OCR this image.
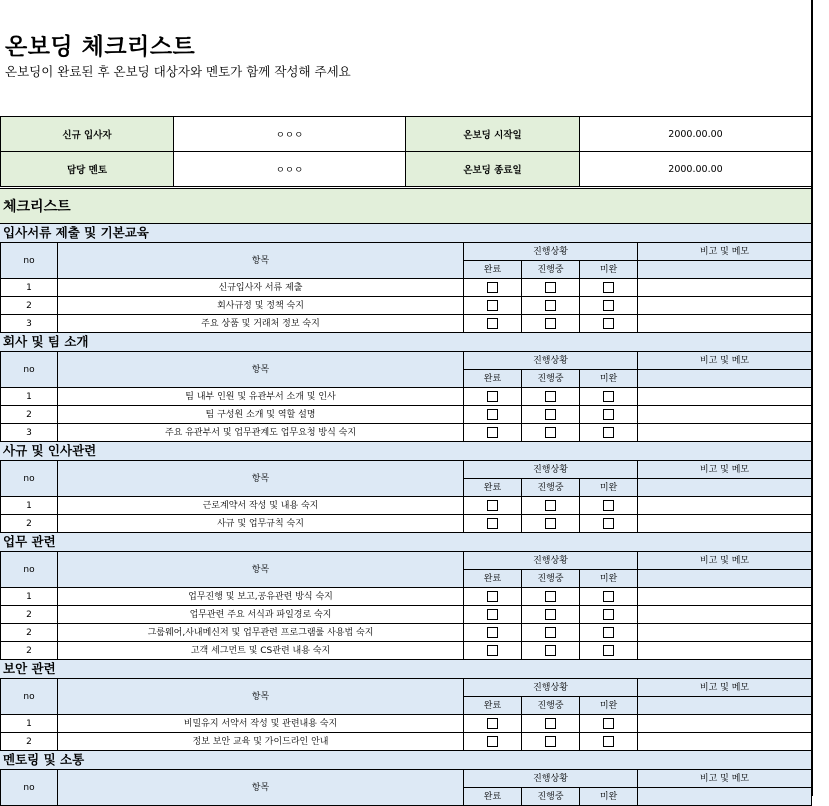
온보딩 체크리스트
온보딩이 완료된 후 온보딩 대상자와 멘토가 함께 작성해 주세요
신규 입사자	ㅇㅇㅇ	온보딩 시작일	2000.00.00
담당 멘토	ㅇㅇㅇ	온보딩 종료일	2000.00.00
체크리스트
입사서류 제출 및 기본교육
no	항목	진행상황			비고 및 메모
		완료	진행중	미완	
1	신규입사자 서류 제출				
2	회사규정 및 정책 숙지				
3	주요 상품 및 거래처 정보 숙지				
회사 및 팀 소개
no	항목	진행상황			비고 및 메모
		완료	진행중	미완	
1	팀 내부 인원 및 유관부서 소개 및 인사				
2	팀 구성원 소개 및 역할 설명				
3	주요 유관부서 및 업무관계도 업무요청 방식 숙지				
사규 및 인사관련
no	항목	진행상황			비고 및 메모
		완료	진행중	미완	
1	근로계약서 작성 및 내용 숙지				
2	사규 및 업무규칙 숙지				
업무 관련
no	항목	진행상황			비고 및 메모
		완료	진행중	미완	
1	업무진행 및 보고,공유관련 방식 숙지				
2	업무관련 주요 서식과 파일경로 숙지				
2	그룹웨어,사내메신저 및 업무관련 프로그램룰 사용법 숙지				
2	고객 세그먼트 및 CS관련 내용 숙지				
보안 관련
no	항목	진행상황			비고 및 메모
		완료	진행중	미완	
1	비밀유지 서약서 작성 및 관련내용 숙지				
2	정보 보안 교육 및 가이드라인 안내				
멘토링 및 소통
no	항목	진행상황			비고 및 메모
		완료	진행중	미완	
